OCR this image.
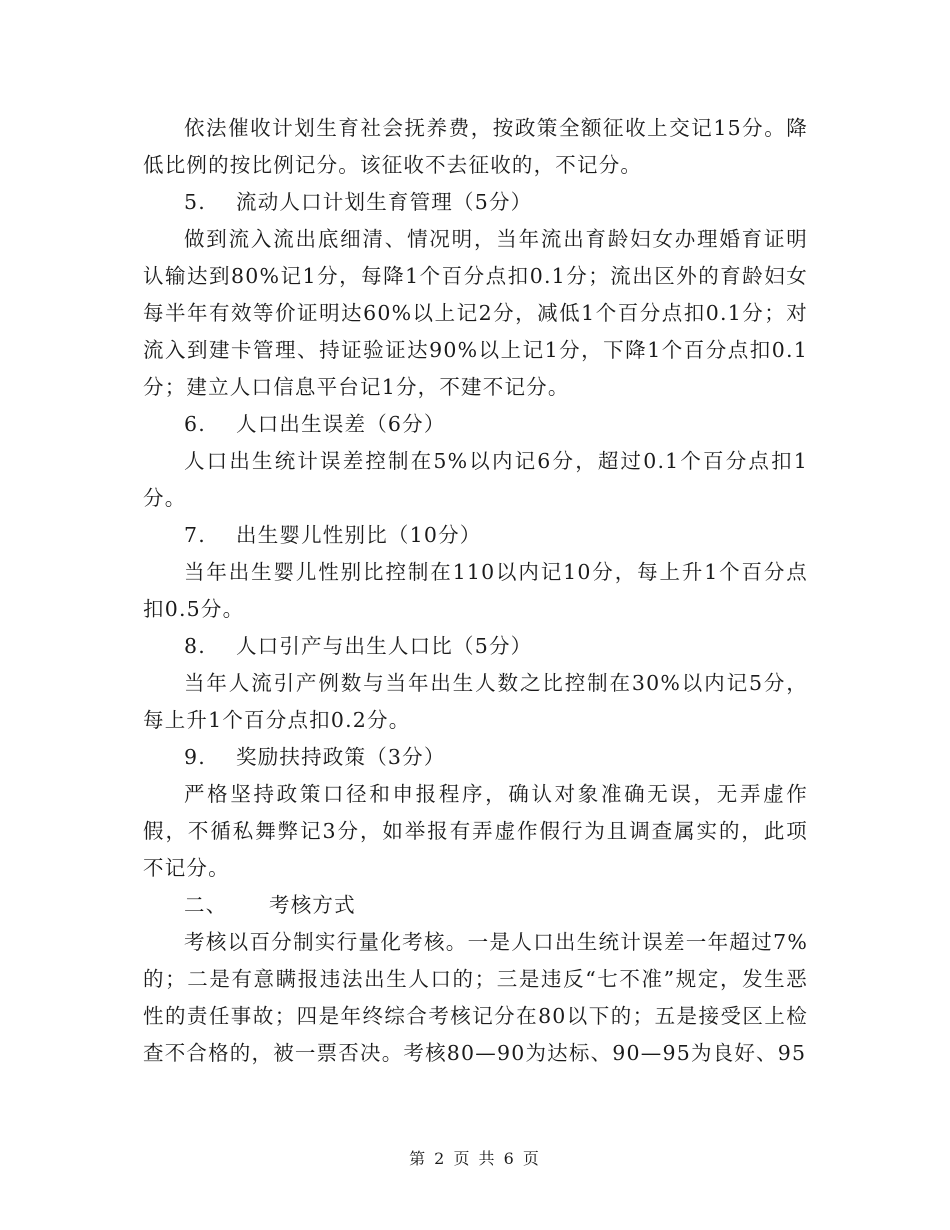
依法催收计划生育社会抚养费，按政策全额征收上交记15分。降低比例的按比例记分。该征收不去征收的，不记分。

5. 流动人口计划生育管理（5分）

做到流入流出底细清、情况明，当年流出育龄妇女办理婚育证明认输达到80%记1分，每降1个百分点扣0.1分；流出区外的育龄妇女每半年有效等价证明达60%以上记2分，减低1个百分点扣0.1分；对流入到建卡管理、持证验证达90%以上记1分，下降1个百分点扣0.1分；建立人口信息平台记1分，不建不记分。

6. 人口出生误差（6分）

人口出生统计误差控制在5%以内记6分，超过0.1个百分点扣1分。

7. 出生婴儿性别比（10分）

当年出生婴儿性别比控制在110以内记10分，每上升1个百分点扣0.5分。

8. 人口引产与出生人口比（5分）

当年人流引产例数与当年出生人数之比控制在30%以内记5分，每上升1个百分点扣0.2分。

9. 奖励扶持政策（3分）

严格坚持政策口径和申报程序，确认对象准确无误，无弄虚作假，不循私舞弊记3分，如举报有弄虚作假行为且调查属实的，此项不记分。

二、 考核方式

考核以百分制实行量化考核。一是人口出生统计误差一年超过7%的；二是有意瞒报违法出生人口的；三是违反“七不准”规定，发生恶性的责任事故；四是年终综合考核记分在80以下的；五是接受区上检查不合格的，被一票否决。考核80—90为达标、90—95为良好、95

第 2 页 共 6 页
